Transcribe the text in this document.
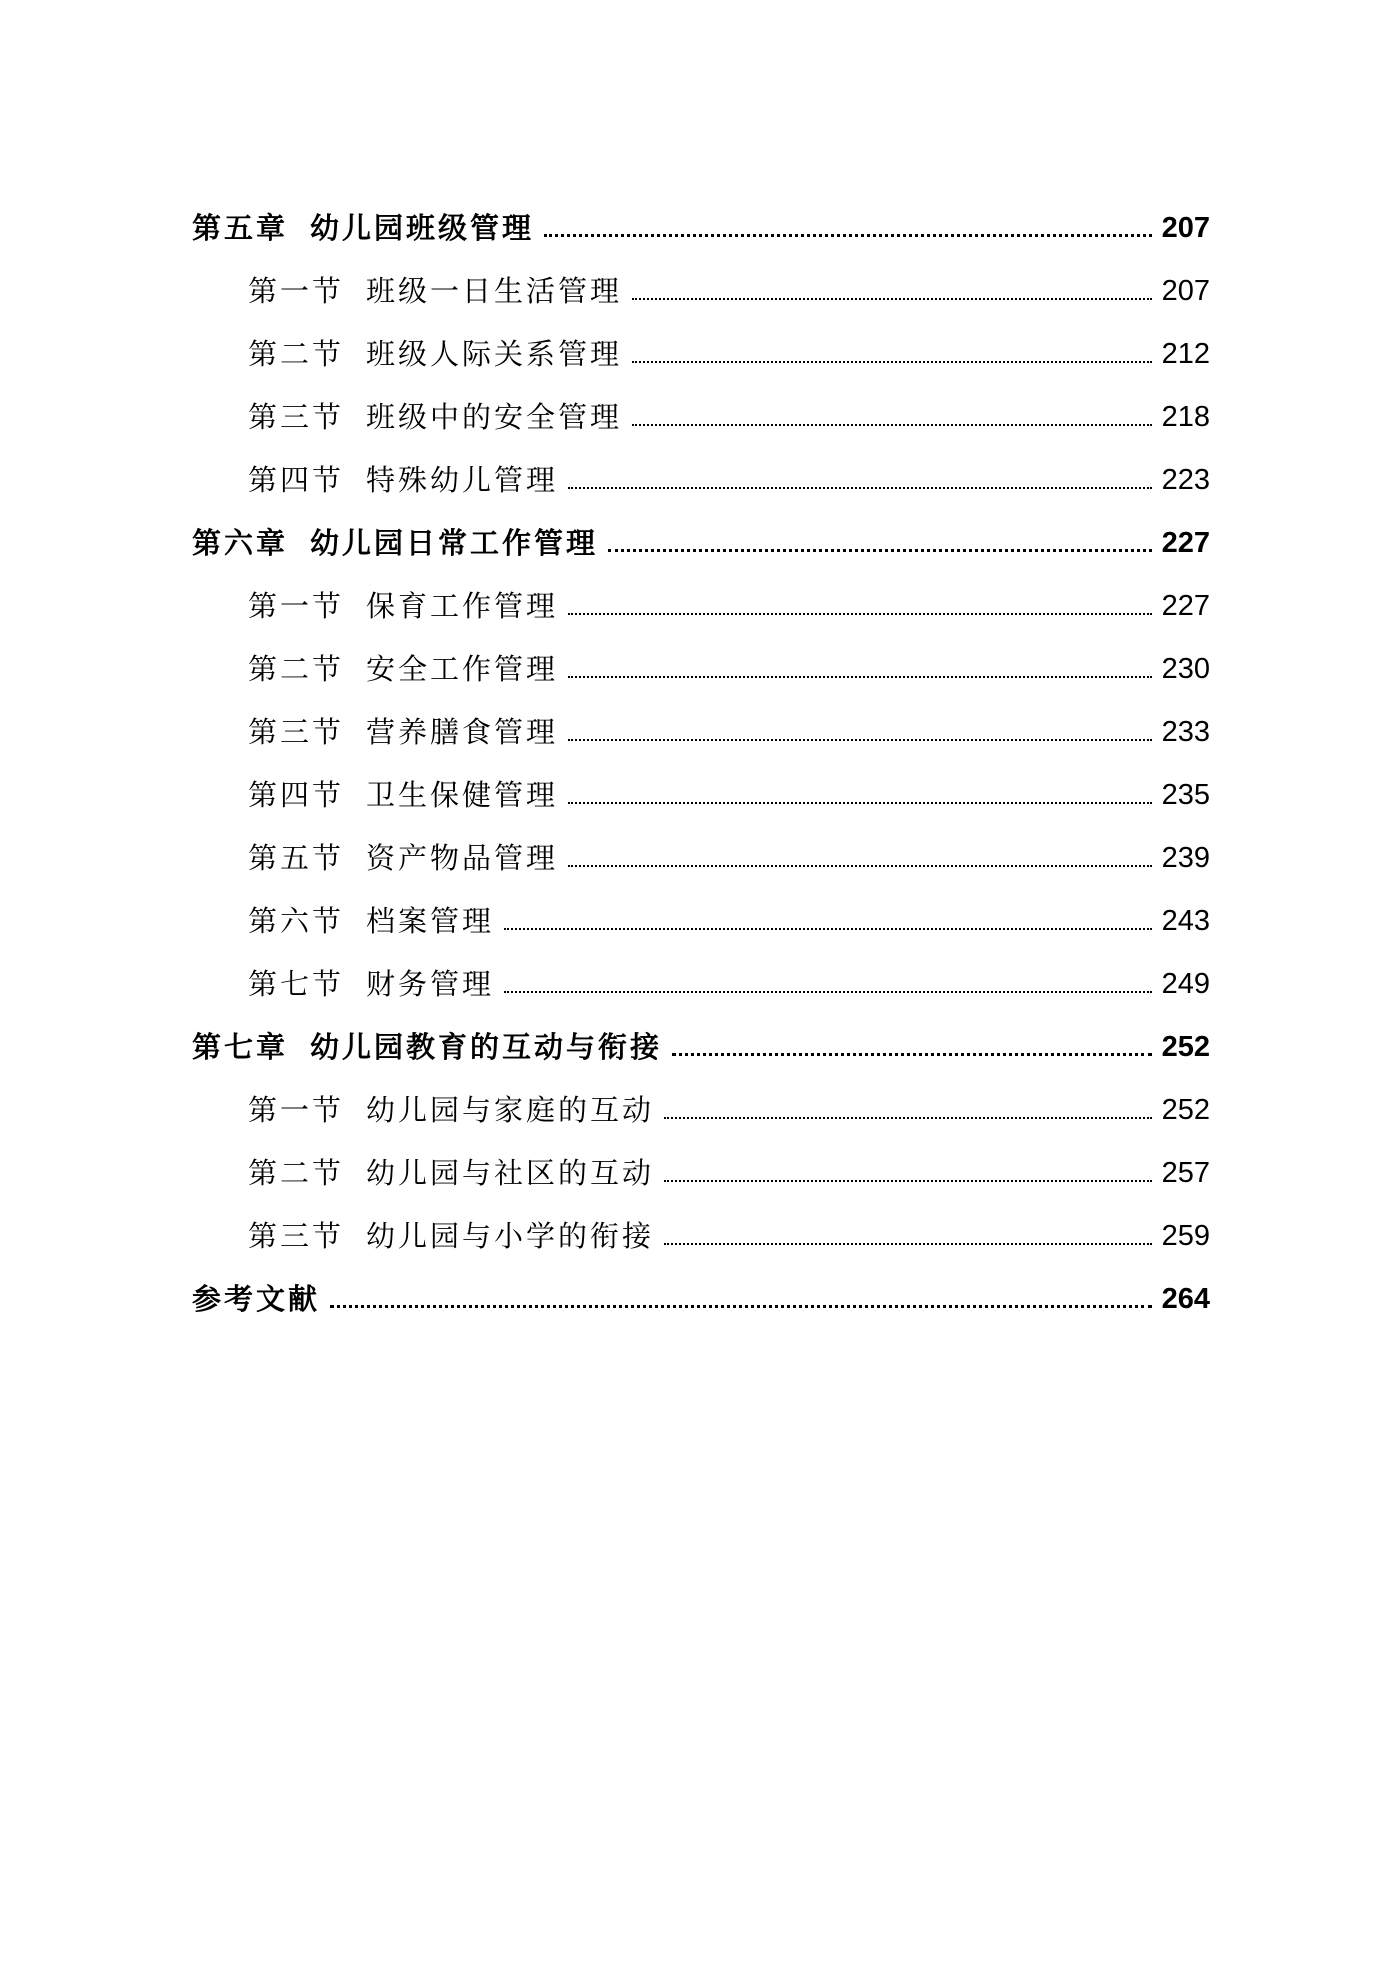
第五章 幼儿园班级管理	207
第一节 班级一日生活管理	207
第二节 班级人际关系管理	212
第三节 班级中的安全管理	218
第四节 特殊幼儿管理	223
第六章 幼儿园日常工作管理	227
第一节 保育工作管理	227
第二节 安全工作管理	230
第三节 营养膳食管理	233
第四节 卫生保健管理	235
第五节 资产物品管理	239
第六节 档案管理	243
第七节 财务管理	249
第七章 幼儿园教育的互动与衔接	252
第一节 幼儿园与家庭的互动	252
第二节 幼儿园与社区的互动	257
第三节 幼儿园与小学的衔接	259
参考文献	264
